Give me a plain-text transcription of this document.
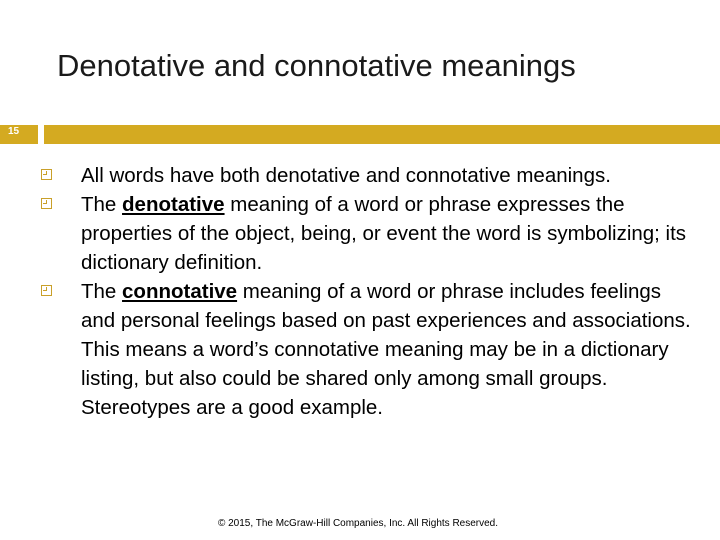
Denotative and connotative meanings
15
All words have both denotative and connotative meanings.
The denotative meaning of a word or phrase expresses the properties of the object, being, or event the word is symbolizing; its dictionary definition.
The connotative meaning of a word or phrase includes feelings and personal feelings based on past experiences and associations. This means a word’s connotative meaning may be in a dictionary listing, but also could be shared only among small groups. Stereotypes are a good example.
© 2015, The McGraw-Hill Companies, Inc. All Rights Reserved.
